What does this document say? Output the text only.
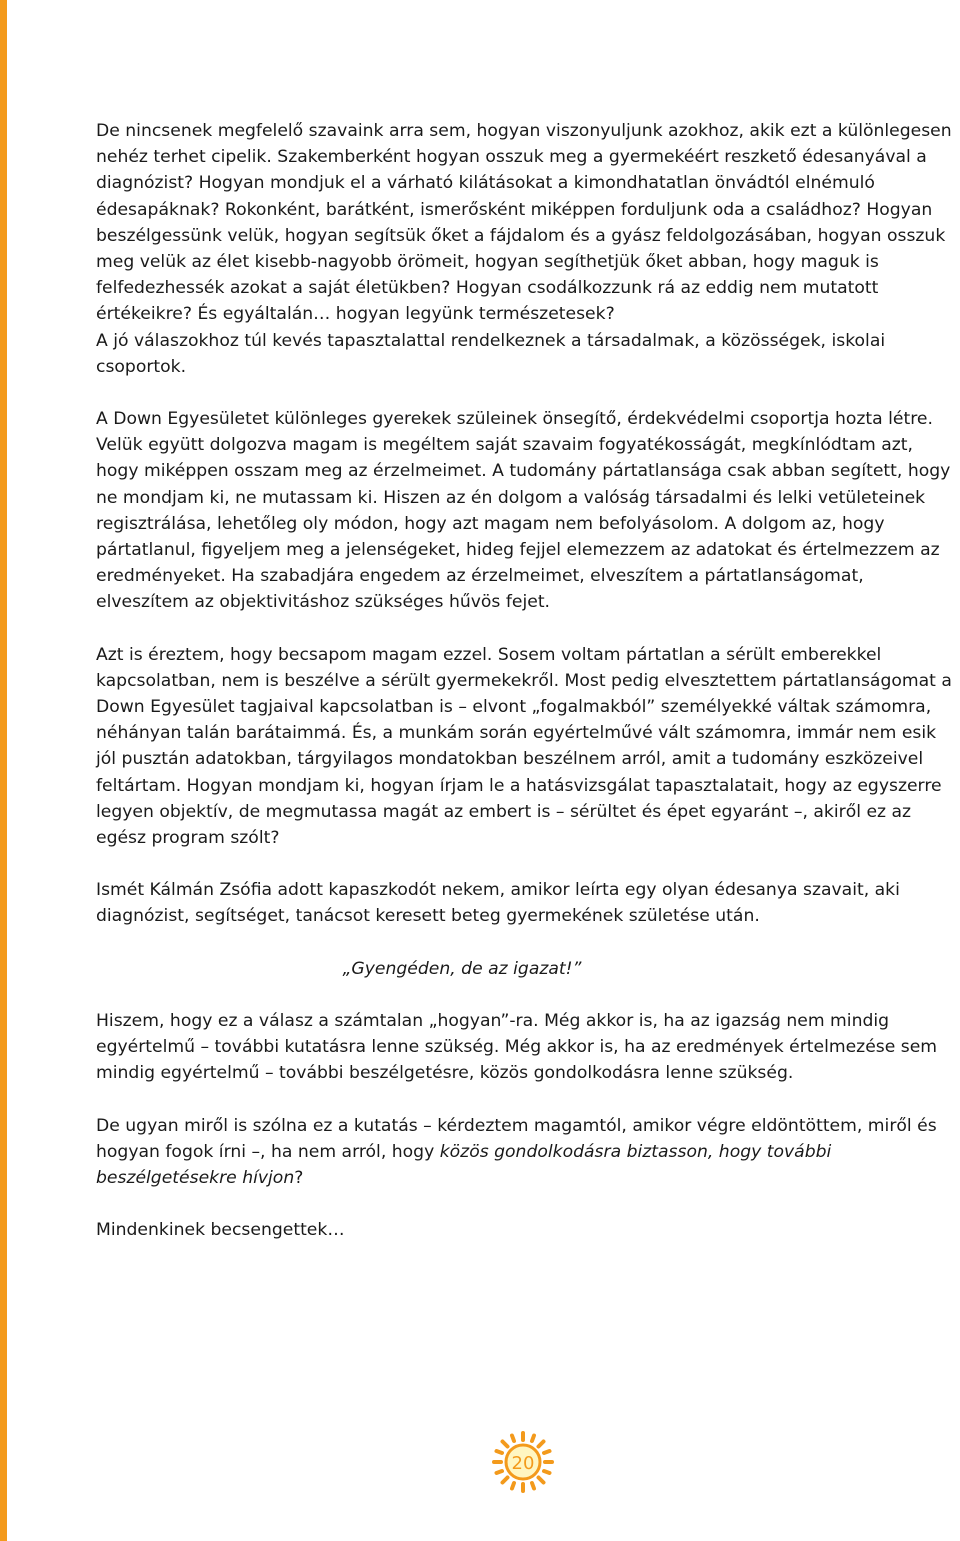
De nincsenek megfelelő szavaink arra sem, hogyan viszonyuljunk azokhoz, akik ezt a különlegesen nehéz terhet cipelik. Szakemberként hogyan osszuk meg a gyermekéért reszkető édesanyával a diagnózist? Hogyan mondjuk el a várható kilátásokat a kimondhatatlan önvádtól elnémuló édesapáknak? Rokonként, barátként, ismerősként miképpen forduljunk oda a családhoz? Hogyan beszélgessünk velük, hogyan segítsük őket a fájdalom és a gyász feldolgozásában, hogyan osszuk meg velük az élet kisebb-nagyobb örömeit, hogyan segíthetjük őket abban, hogy maguk is felfedezhessék azokat a saját életükben? Hogyan csodálkozzunk rá az eddig nem mutatott értékeikre? És egyáltalán… hogyan legyünk természetesek?

A jó válaszokhoz túl kevés tapasztalattal rendelkeznek a társadalmak, a közösségek, iskolai csoportok.

A Down Egyesületet különleges gyerekek szüleinek önsegítő, érdekvédelmi csoportja hozta létre. Velük együtt dolgozva magam is megéltem saját szavaim fogyatékosságát, megkínlódtam azt, hogy miképpen osszam meg az érzelmeimet. A tudomány pártatlansága csak abban segített, hogy ne mondjam ki, ne mutassam ki. Hiszen az én dolgom a valóság társadalmi és lelki vetületeinek regisztrálása, lehetőleg oly módon, hogy azt magam nem befolyásolom. A dolgom az, hogy pártatlanul, figyeljem meg a jelenségeket, hideg fejjel elemezzem az adatokat és értelmezzem az eredményeket. Ha szabadjára engedem az érzelmeimet, elveszítem a pártatlanságomat, elveszítem az objektivitáshoz szükséges hűvös fejet.

Azt is éreztem, hogy becsapom magam ezzel. Sosem voltam pártatlan a sérült emberekkel kapcsolatban, nem is beszélve a sérült gyermekekről. Most pedig elvesztettem pártatlanságomat a Down Egyesület tagjaival kapcsolatban is – elvont „fogalmakból” személyekké váltak számomra, néhányan talán barátaimmá. És, a munkám során egyértelművé vált számomra, immár nem esik jól pusztán adatokban, tárgyilagos mondatokban beszélnem arról, amit a tudomány eszközeivel feltártam. Hogyan mondjam ki, hogyan írjam le a hatásvizsgálat tapasztalatait, hogy az egyszerre legyen objektív, de megmutassa magát az embert is – sérültet és épet egyaránt –, akiről ez az egész program szólt?

Ismét Kálmán Zsófia adott kapaszkodót nekem, amikor leírta egy olyan édesanya szavait, aki diagnózist, segítséget, tanácsot keresett beteg gyermekének születése után.

„Gyengéden, de az igazat!”

Hiszem, hogy ez a válasz a számtalan „hogyan”-ra. Még akkor is, ha az igazság nem mindig egyértelmű – további kutatásra lenne szükség. Még akkor is, ha az eredmények értelmezése sem mindig egyértelmű – további beszélgetésre, közös gondolkodásra lenne szükség.

De ugyan miről is szólna ez a kutatás – kérdeztem magamtól, amikor végre eldöntöttem, miről és hogyan fogok írni –, ha nem arról, hogy közös gondolkodásra biztasson, hogy további beszélgetésekre hívjon?

Mindenkinek becsengettek…

20
